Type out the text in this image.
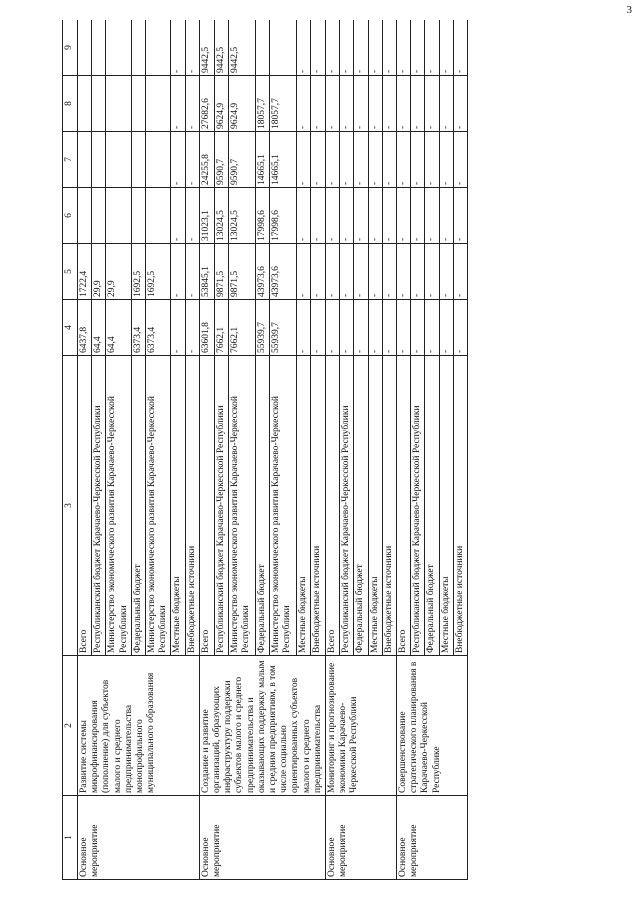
3
1	2	3	4	5	6	7	8	9
Основное мероприятие	Развитие системы микрофинансирования (пополнение) для субъектов малого и среднего предпринимательства монопрофильного муниципального образования	Всего	6437,8	1722,4				
		Республиканский бюджет Карачаево-Черкесской Республики	64,4	29,9				
		Министерство экономического развития Карачаево-Черкесской Республики	64,4	29,9				
		Федеральный бюджет	6373,4	1692,5				
		Министерство экономического развития Карачаево-Черкесской Республики	6373,4	1692,5				
		Местные бюджеты	-	-	-	-	-	-
		Внебюджетные источники	-	-	-	-	-	-
Основное мероприятие	Создание и развитие организаций, образующих инфраструктуру поддержки субъектов малого и среднего предпринимательства и оказывающих поддержку малым и средним предприятиям, в том числе социально ориентированных субъектов малого и среднего предпринимательства	Всего	63601,8	53845,1	31023,1	24255,8	27682,6	9442,5
		Республиканский бюджет Карачаево-Черкесской Республики	7662,1	9871,5	13024,5	9590,7	9624,9	9442,5
		Министерство экономического развития Карачаево-Черкесской Республики	7662,1	9871,5	13024,5	9590,7	9624,9	9442,5
		Федеральный бюджет	55939,7	43973,6	17998,6	14665,1	18057,7	
		Министерство экономического развития Карачаево-Черкесской Республики	55939,7	43973,6	17998,6	14665,1	18057,7	
		Местные бюджеты	-	-	-	-	-	-
		Внебюджетные источники	-	-	-	-	-	-
Основное мероприятие	Мониторинг и прогнозирование экономики Карачаево-Черкесской Республики	Всего	-	-	-	-	-	-
		Республиканский бюджет Карачаево-Черкесской Республики	-	-	-	-	-	-
		Федеральный бюджет	-	-	-	-	-	-
		Местные бюджеты	-	-	-	-	-	-
		Внебюджетные источники	-	-	-	-	-	-
Основное мероприятие	Совершенствование стратегического планирования в Карачаево-Черкесской Республике	Всего	-	-	-	-	-	-
		Республиканский бюджет Карачаево-Черкесской Республики	-	-	-	-	-	-
		Федеральный бюджет	-	-	-	-	-	-
		Местные бюджеты	-	-	-	-	-	-
		Внебюджетные источники	-	-	-	-	-	-
